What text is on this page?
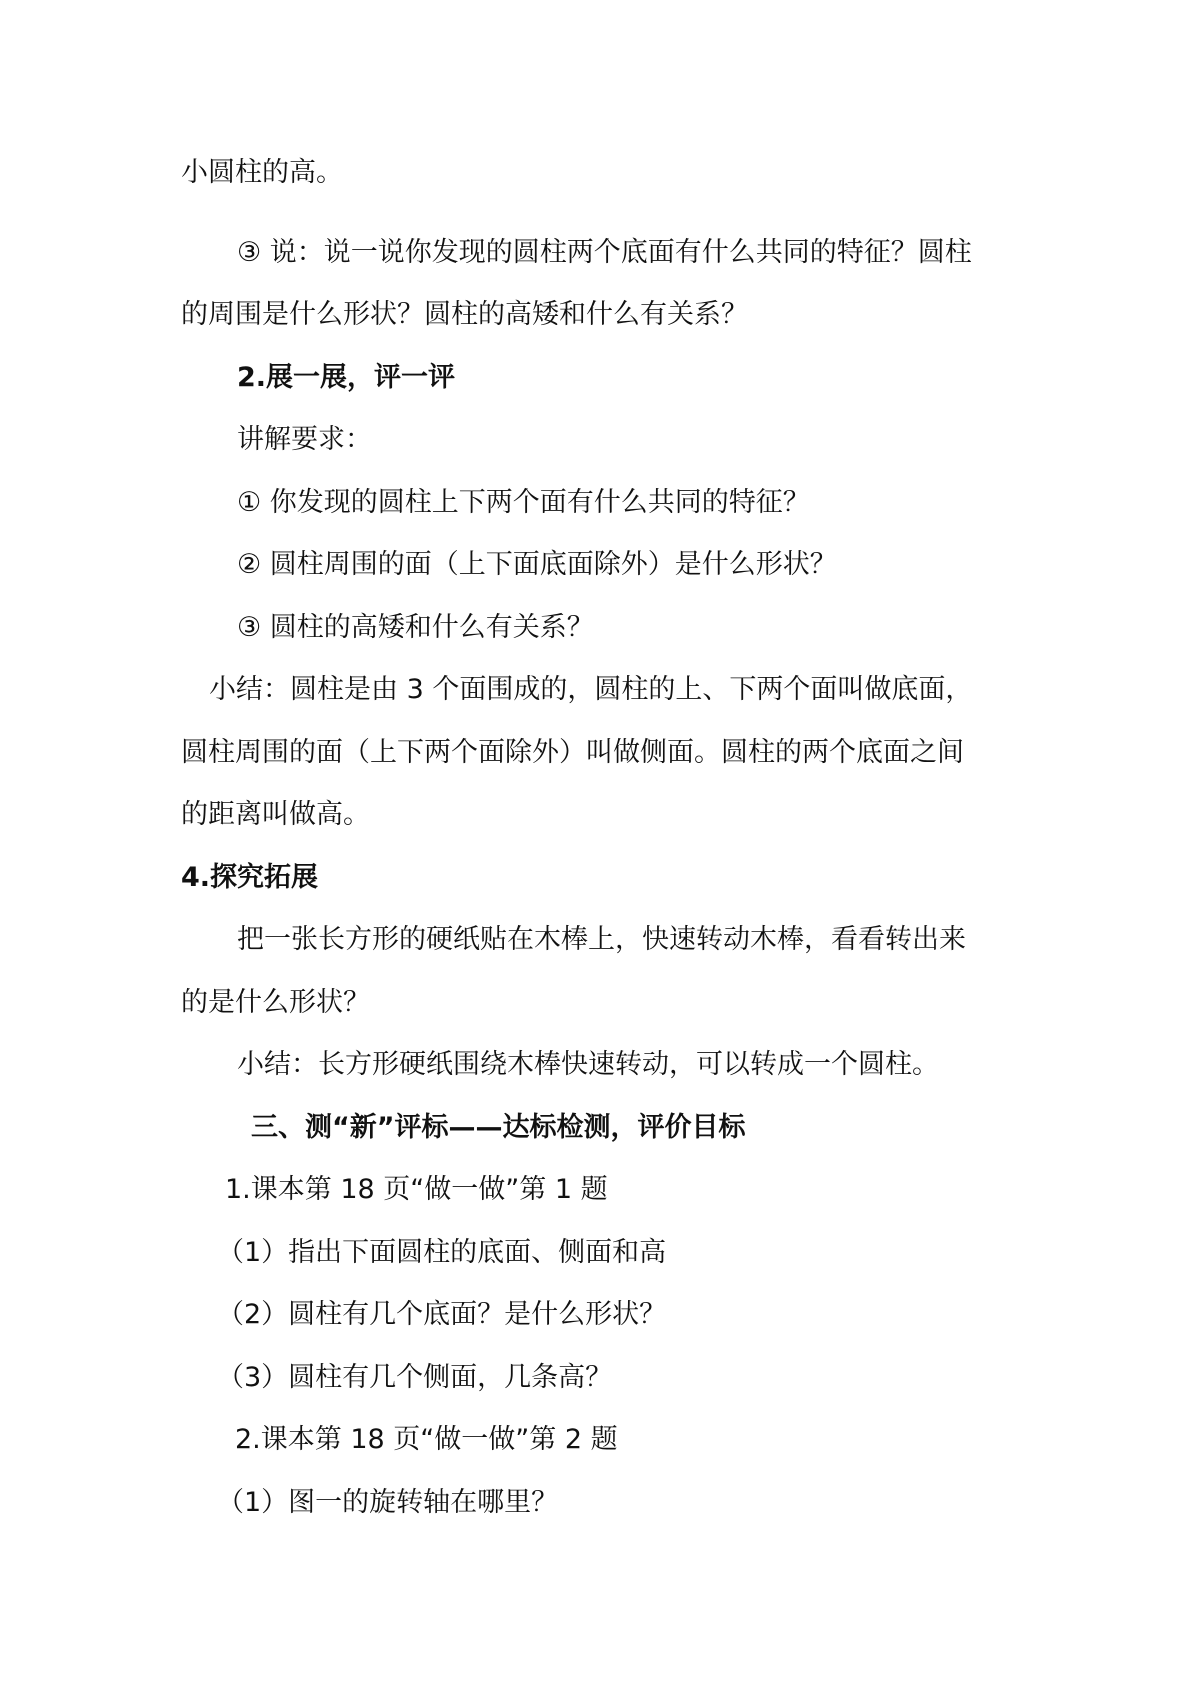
小圆柱的高。
③ 说：说一说你发现的圆柱两个底面有什么共同的特征？圆柱
的周围是什么形状？圆柱的高矮和什么有关系？
2.展一展，评一评
讲解要求：
① 你发现的圆柱上下两个面有什么共同的特征？
② 圆柱周围的面（上下面底面除外）是什么形状？
③ 圆柱的高矮和什么有关系？
小结：圆柱是由 3 个面围成的，圆柱的上、下两个面叫做底面，
圆柱周围的面（上下两个面除外）叫做侧面。圆柱的两个底面之间
的距离叫做高。
4.探究拓展
把一张长方形的硬纸贴在木棒上，快速转动木棒，看看转出来
的是什么形状？
小结：长方形硬纸围绕木棒快速转动，可以转成一个圆柱。
三、测“新”评标——达标检测，评价目标
1.课本第 18 页“做一做”第 1 题
（1）指出下面圆柱的底面、侧面和高
（2）圆柱有几个底面？是什么形状？
（3）圆柱有几个侧面，几条高？
2.课本第 18 页“做一做”第 2 题
（1）图一的旋转轴在哪里？
